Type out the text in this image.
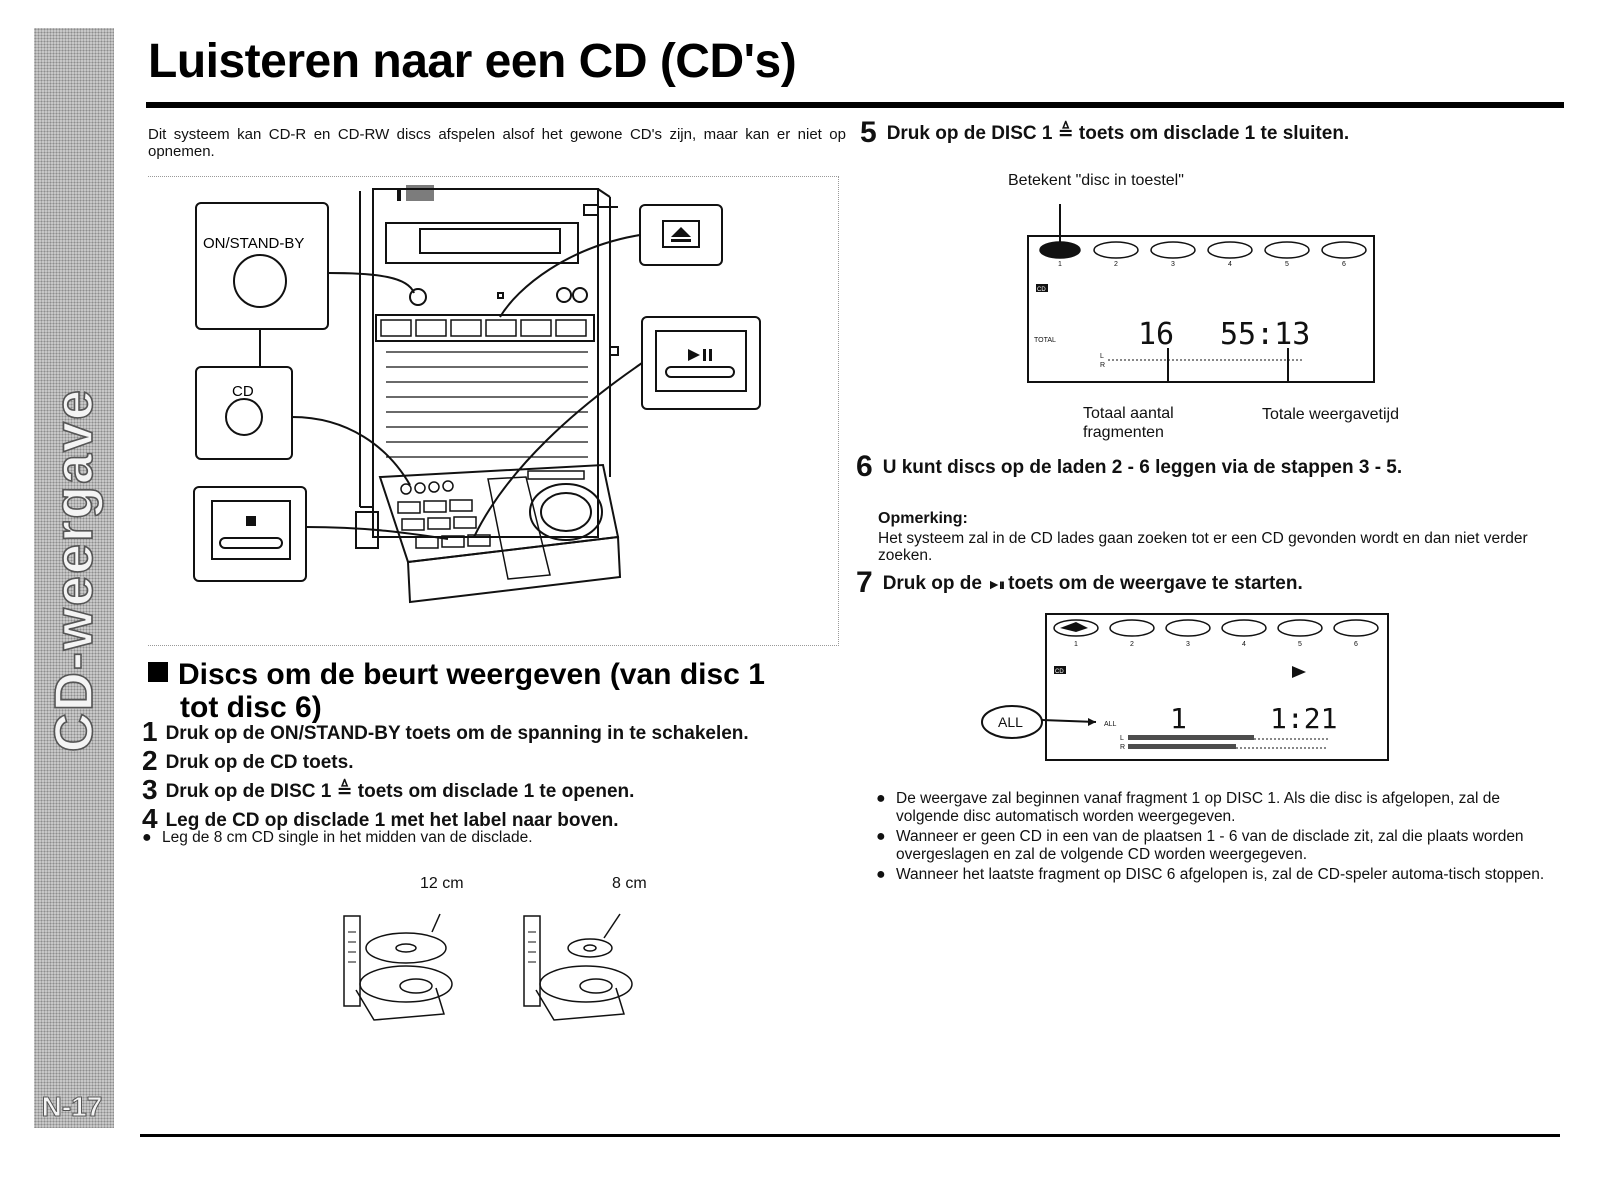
CD-weergave
N-17
Luisteren naar een CD (CD's)
Dit systeem kan CD-R en CD-RW discs afspelen alsof het gewone CD's zijn, maar kan er niet op opnemen.
ON/STAND-BY
CD
Discs om de beurt weergeven (van disc 1
tot disc 6)
1 Druk op de ON/STAND-BY toets om de spanning in te schakelen.
2 Druk op de CD toets.
3 Druk op de DISC 1 ≜ toets om disclade 1 te openen.
4 Leg de CD op disclade 1 met het label naar boven.
● Leg de 8 cm CD single in het midden van de disclade.
12 cm	8 cm
5 Druk op de DISC 1 ≜ toets om disclade 1 te sluiten.
Betekent "disc in toestel"
1	2	3	4	5	6
CD
TOTAL	16 55:13
L
R
Totaal aantal
fragmenten
Totale weergavetijd
6 U kunt discs op de laden 2 - 6 leggen via de stappen 3 - 5.
Opmerking:
Het systeem zal in de CD lades gaan zoeken tot er een CD gevonden wordt en dan niet verder zoeken.
7 Druk op de ►ıı toets om de weergave te starten.
1	2	3	4	5	6
CD
ALL	ALL 1	1:21
L
R
● De weergave zal beginnen vanaf fragment 1 op DISC 1. Als die disc is afgelopen, zal de volgende disc automatisch worden weergegeven.
● Wanneer er geen CD in een van de plaatsen 1 - 6 van de disclade zit, zal die plaats worden overgeslagen en zal de volgende CD worden weergegeven.
● Wanneer het laatste fragment op DISC 6 afgelopen is, zal de CD-speler automa-tisch stoppen.
